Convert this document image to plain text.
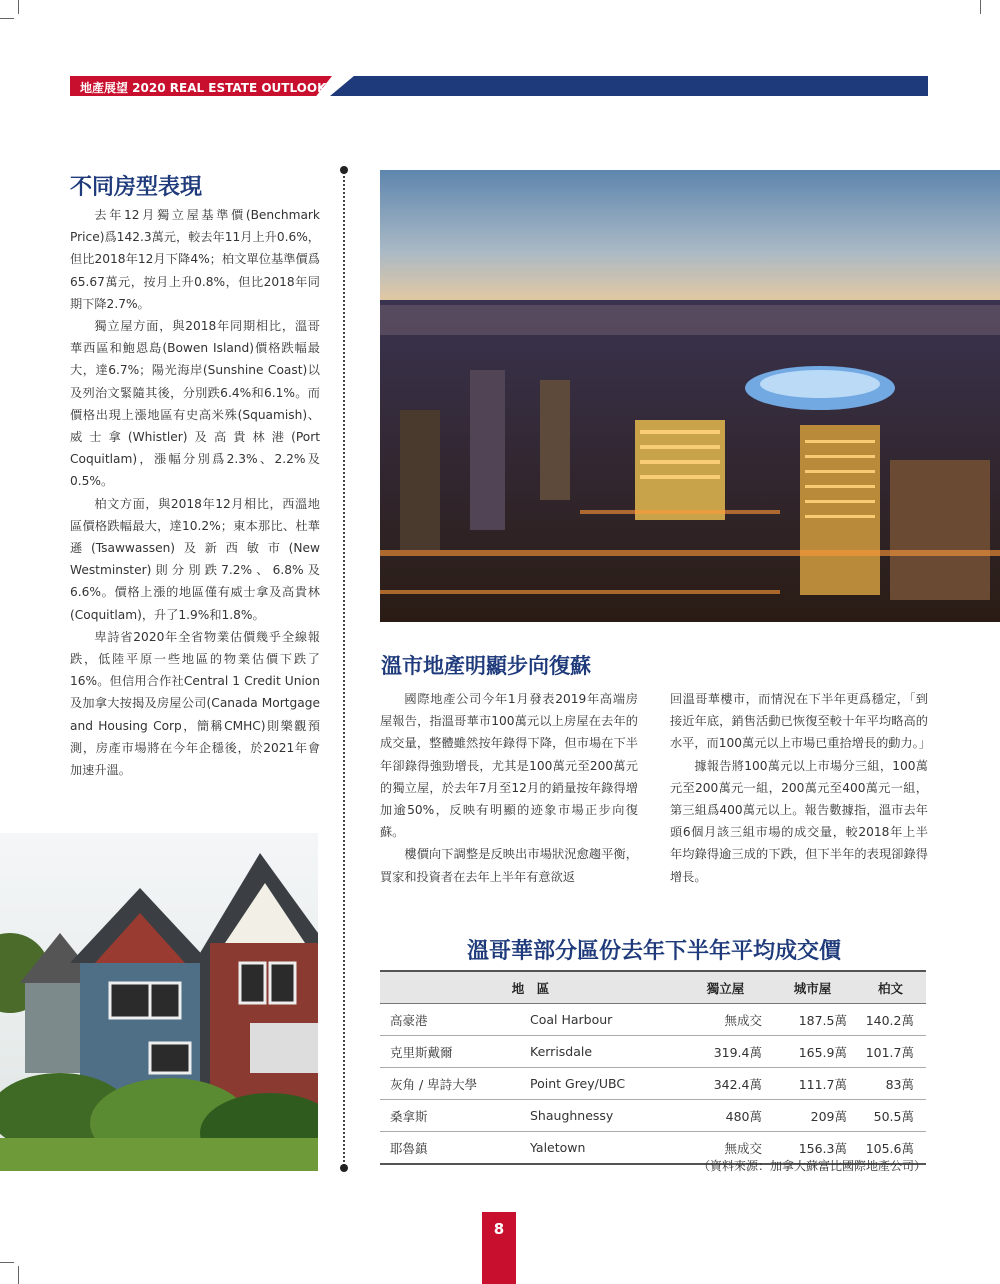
地產展望 2020 REAL ESTATE OUTLOOK
不同房型表現

去年12月獨立屋基準價(Benchmark Price)爲142.3萬元，較去年11月上升0.6%，但比2018年12月下降4%；柏文單位基準價爲65.67萬元，按月上升0.8%，但比2018年同期下降2.7%。

獨立屋方面，與2018年同期相比，溫哥華西區和鮑恩島(Bowen Island)價格跌幅最大，達6.7%；陽光海岸(Sunshine Coast)以及列治文緊隨其後，分別跌6.4%和6.1%。而價格出現上漲地區有史高米殊(Squamish)、威士拿(Whistler)及高貴林港(Port Coquitlam)，漲幅分別爲2.3%、2.2%及0.5%。

柏文方面，與2018年12月相比，西溫地區價格跌幅最大，達10.2%；東本那比、杜華遜(Tsawwassen)及新西敏市(New Westminster)則分別跌7.2%、6.8%及6.6%。價格上漲的地區僅有威士拿及高貴林(Coquitlam)，升了1.9%和1.8%。

卑詩省2020年全省物業估價幾乎全線報跌，低陸平原一些地區的物業估價下跌了16%。但信用合作社Central 1 Credit Union及加拿大按揭及房屋公司(Canada Mortgage and Housing Corp，簡稱CMHC)則樂觀預測，房產市場將在今年企穩後，於2021年會加速升溫。

溫市地產明顯步向復蘇

國際地產公司今年1月發表2019年高端房屋報告，指溫哥華市100萬元以上房屋在去年的成交量，整體雖然按年錄得下降，但市場在下半年卻錄得強勁增長，尤其是100萬元至200萬元的獨立屋，於去年7月至12月的銷量按年錄得增加逾50%，反映有明顯的迹象市場正步向復蘇。

樓價向下調整是反映出市場狀況愈趨平衡，買家和投資者在去年上半年有意欲返

回溫哥華樓市，而情況在下半年更爲穩定，「到接近年底，銷售活動已恢復至較十年平均略高的水平，而100萬元以上市場已重拾增長的動力。」

據報告將100萬元以上市場分三組，100萬元至200萬元一組，200萬元至400萬元一組，第三組爲400萬元以上。報告數據指，溫市去年頭6個月該三組市場的成交量，較2018年上半年均錄得逾三成的下跌，但下半年的表現卻錄得增長。

溫哥華部分區份去年下半年平均成交價
地　區		獨立屋	城市屋	柏文
高豪港	Coal Harbour	無成交	187.5萬	140.2萬
克里斯戴爾	Kerrisdale	319.4萬	165.9萬	101.7萬
灰角 / 卑詩大學	Point Grey/UBC	342.4萬	111.7萬	83萬
桑拿斯	Shaughnessy	480萬	209萬	50.5萬
耶魯鎮	Yaletown	無成交	156.3萬	105.6萬
（資料來源：加拿大蘇富比國際地產公司）
8
